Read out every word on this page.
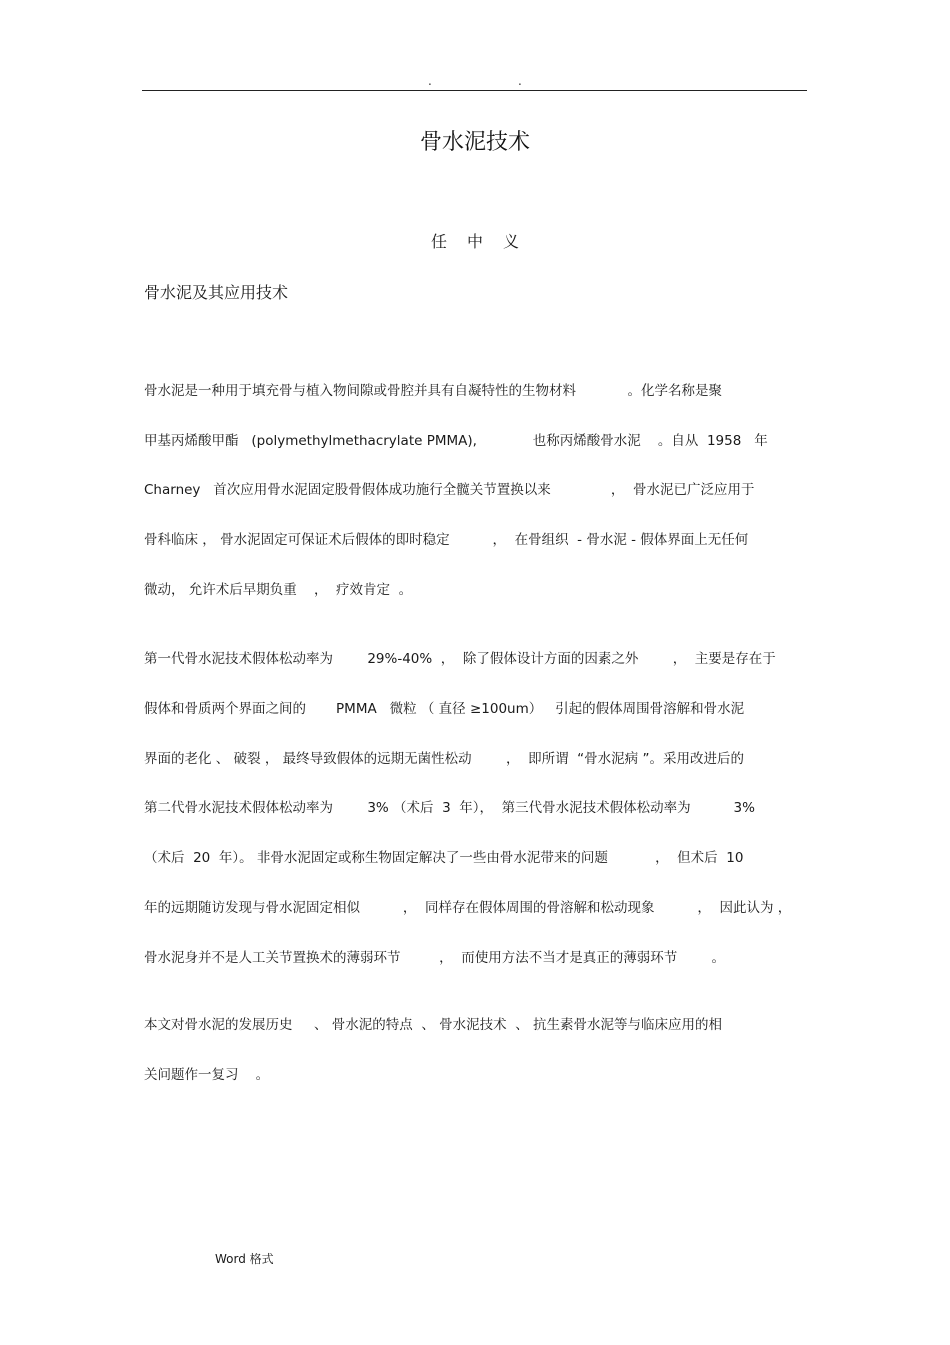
.	.
骨水泥技术
任中义
骨水泥及其应用技术
骨水泥是一种用于填充骨与植入物间隙或骨腔并具有自凝特性的生物材料            。化学名称是聚
甲基丙烯酸甲酯   (polymethylmethacrylate PMMA),             也称丙烯酸骨水泥    。自从  1958   年
Charney   首次应用骨水泥固定股骨假体成功施行全髋关节置换以来              ，  骨水泥已广泛应用于
骨科临床 ， 骨水泥固定可保证术后假体的即时稳定          ，  在骨组织  - 骨水泥 - 假体界面上无任何
微动， 允许术后早期负重    ，  疗效肯定  。
第一代骨水泥技术假体松动率为        29%-40%  ，  除了假体设计方面的因素之外        ，  主要是存在于
假体和骨质两个界面之间的       PMMA   微粒 （ 直径 ≥100um）   引起的假体周围骨溶解和骨水泥
界面的老化 、 破裂 ， 最终导致假体的远期无菌性松动        ，  即所谓  “骨水泥病 ”。采用改进后的
第二代骨水泥技术假体松动率为        3% （术后  3  年），  第三代骨水泥技术假体松动率为          3%
（术后  20  年）。 非骨水泥固定或称生物固定解决了一些由骨水泥带来的问题           ，  但术后  10
年的远期随访发现与骨水泥固定相似          ，  同样存在假体周围的骨溶解和松动现象          ，  因此认为 ，
骨水泥身并不是人工关节置换术的薄弱环节         ，  而使用方法不当才是真正的薄弱环节        。
本文对骨水泥的发展历史     、 骨水泥的特点  、 骨水泥技术  、 抗生素骨水泥等与临床应用的相
关问题作一复习    。
Word 格式
